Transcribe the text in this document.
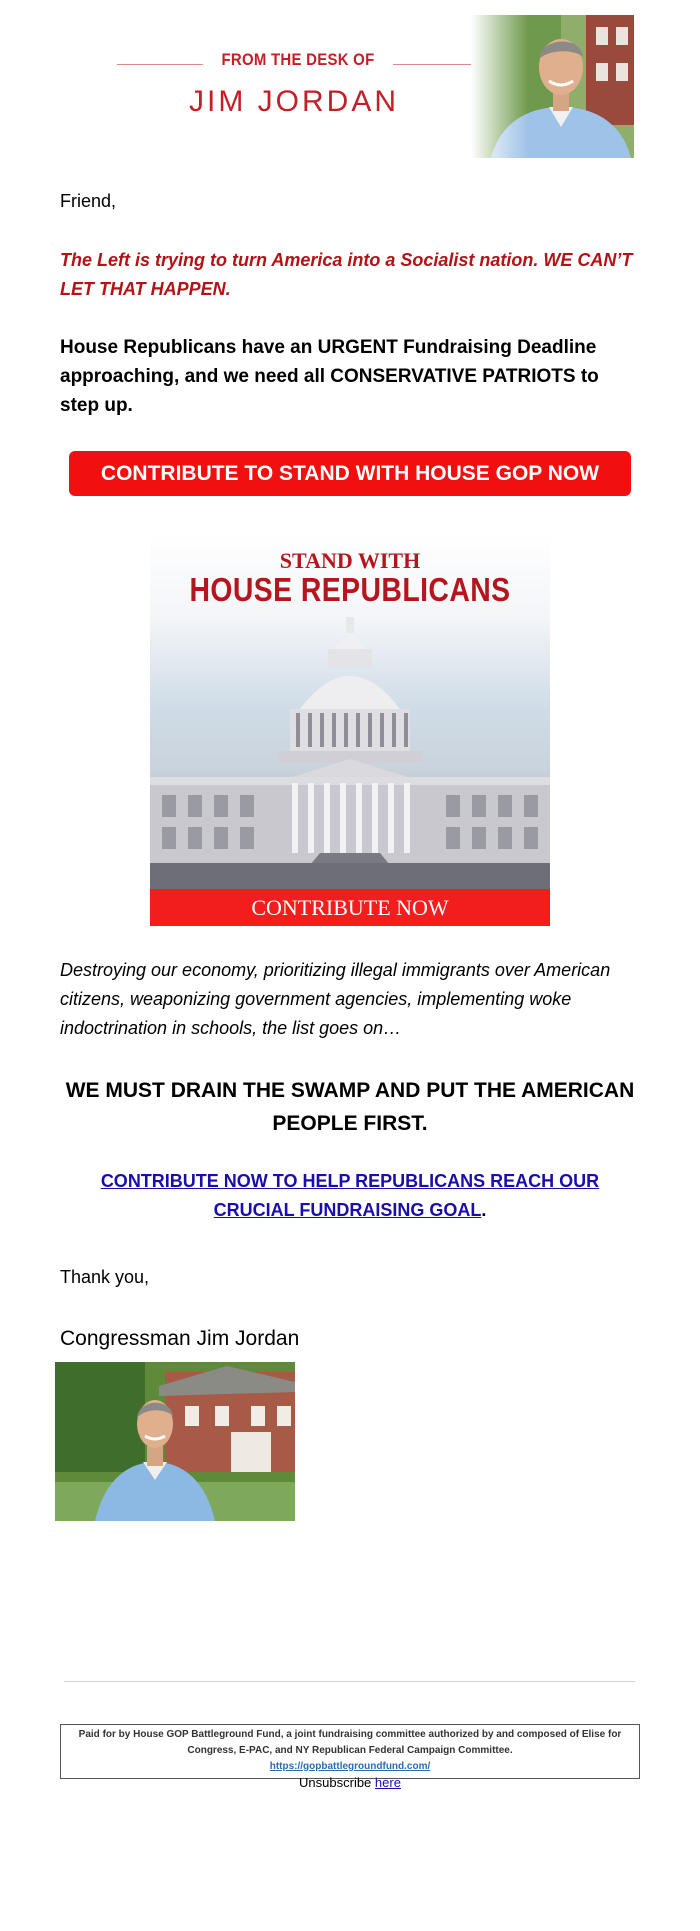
FROM THE DESK OF
JIM JORDAN
Friend,
The Left is trying to turn America into a Socialist nation. WE CAN’T LET THAT HAPPEN.
House Republicans have an URGENT Fundraising Deadline approaching, and we need all CONSERVATIVE PATRIOTS to step up.
CONTRIBUTE TO STAND WITH HOUSE GOP NOW
STAND WITH
HOUSE REPUBLICANS
CONTRIBUTE NOW
Destroying our economy, prioritizing illegal immigrants over American citizens, weaponizing government agencies, implementing woke indoctrination in schools, the list goes on…
WE MUST DRAIN THE SWAMP AND PUT THE AMERICAN PEOPLE FIRST.
CONTRIBUTE NOW TO HELP REPUBLICANS REACH OUR CRUCIAL FUNDRAISING GOAL.
Thank you,
Congressman Jim Jordan
Paid for by House GOP Battleground Fund, a joint fundraising committee authorized by and composed of Elise for Congress, E-PAC, and NY Republican Federal Campaign Committee.
https://gopbattlegroundfund.com/
Unsubscribe here
